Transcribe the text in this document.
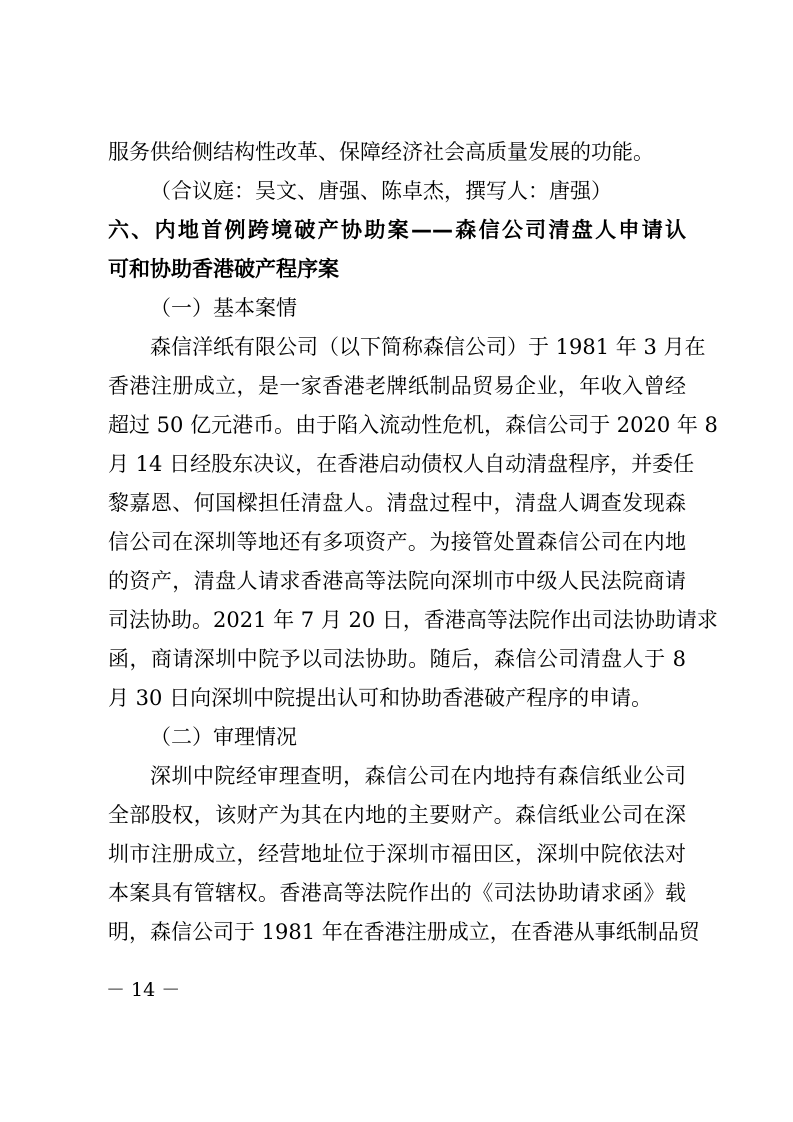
服务供给侧结构性改革、保障经济社会高质量发展的功能。
（合议庭：吴文、唐强、陈卓杰，撰写人：唐强）
六、内地首例跨境破产协助案——森信公司清盘人申请认
可和协助香港破产程序案
（一）基本案情
森信洋纸有限公司（以下简称森信公司）于 1981 年 3 月在
香港注册成立，是一家香港老牌纸制品贸易企业，年收入曾经
超过 50 亿元港币。由于陷入流动性危机，森信公司于 2020 年 8
月 14 日经股东决议，在香港启动债权人自动清盘程序，并委任
黎嘉恩、何国樑担任清盘人。清盘过程中，清盘人调查发现森
信公司在深圳等地还有多项资产。为接管处置森信公司在内地
的资产，清盘人请求香港高等法院向深圳市中级人民法院商请
司法协助。2021 年 7 月 20 日，香港高等法院作出司法协助请求
函，商请深圳中院予以司法协助。随后，森信公司清盘人于 8
月 30 日向深圳中院提出认可和协助香港破产程序的申请。
（二）审理情况
深圳中院经审理查明，森信公司在内地持有森信纸业公司
全部股权，该财产为其在内地的主要财产。森信纸业公司在深
圳市注册成立，经营地址位于深圳市福田区，深圳中院依法对
本案具有管辖权。香港高等法院作出的《司法协助请求函》载
明，森信公司于 1981 年在香港注册成立，在香港从事纸制品贸
－ 14 －
